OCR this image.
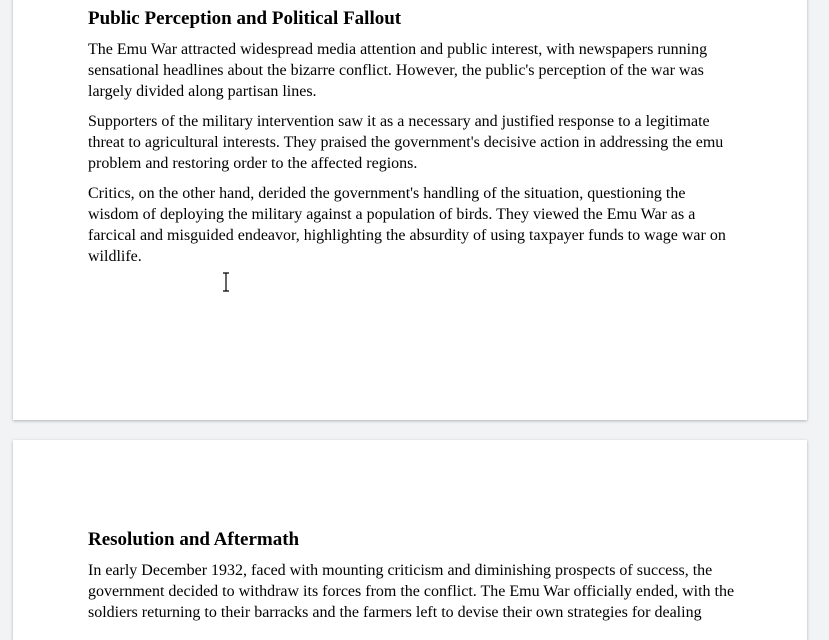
Public Perception and Political Fallout

The Emu War attracted widespread media attention and public interest, with newspapers running sensational headlines about the bizarre conflict. However, the public's perception of the war was largely divided along partisan lines.

Supporters of the military intervention saw it as a necessary and justified response to a legitimate threat to agricultural interests. They praised the government's decisive action in addressing the emu problem and restoring order to the affected regions.

Critics, on the other hand, derided the government's handling of the situation, questioning the wisdom of deploying the military against a population of birds. They viewed the Emu War as a farcical and misguided endeavor, highlighting the absurdity of using taxpayer funds to wage war on wildlife.

Resolution and Aftermath

In early December 1932, faced with mounting criticism and diminishing prospects of success, the government decided to withdraw its forces from the conflict. The Emu War officially ended, with the soldiers returning to their barracks and the farmers left to devise their own strategies for dealing
